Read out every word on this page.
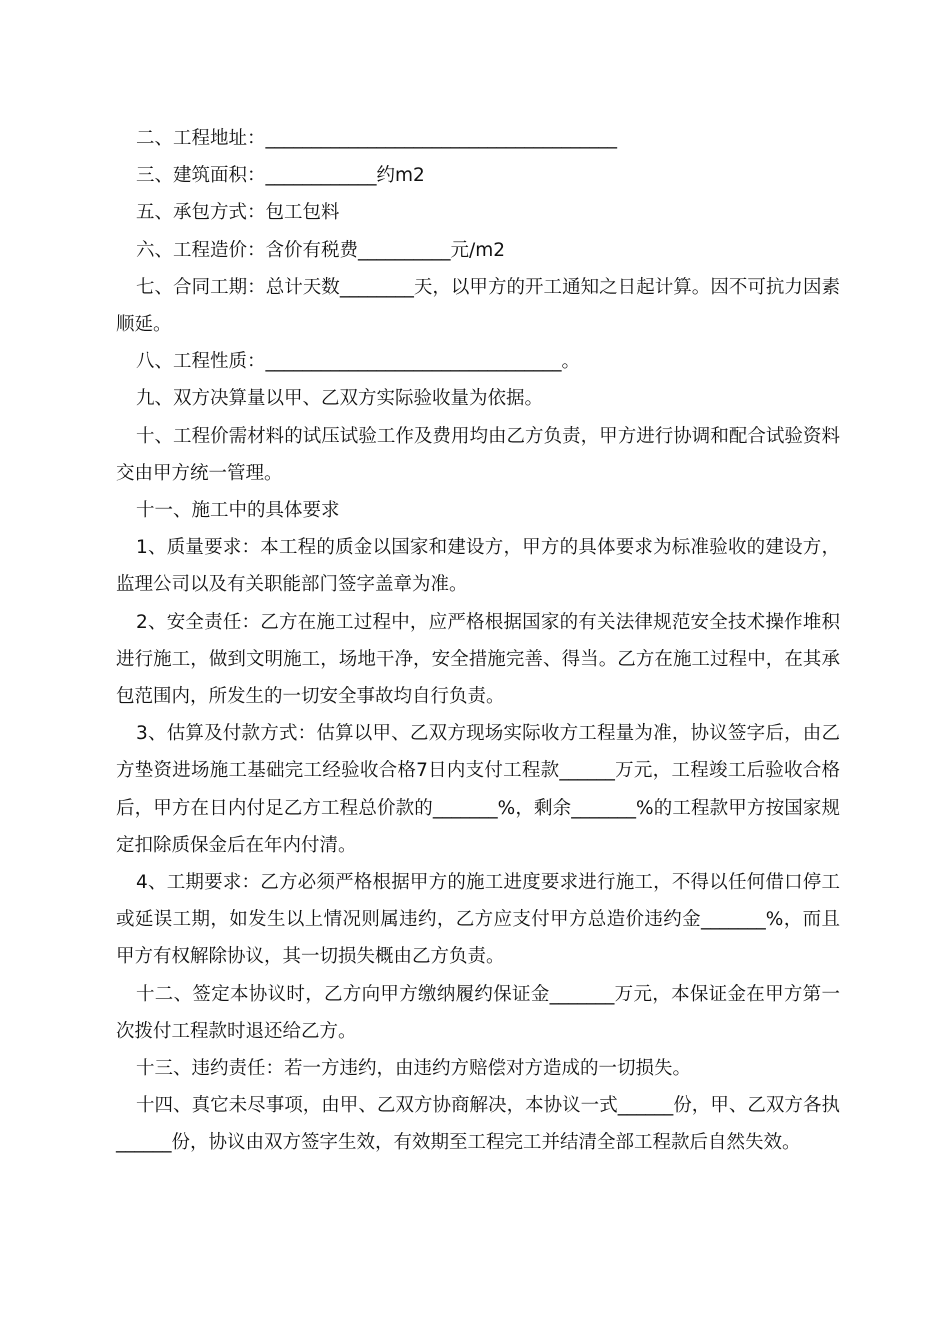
二、工程地址：______________________________________

三、建筑面积：____________约m2

五、承包方式：包工包料

六、工程造价：含价有税费__________元/m2

七、合同工期：总计天数________天，以甲方的开工通知之日起计算。因不可抗力因素顺延。

八、工程性质：________________________________。

九、双方决算量以甲、乙双方实际验收量为依据。

十、工程价需材料的试压试验工作及费用均由乙方负责，甲方进行协调和配合试验资料交由甲方统一管理。

十一、施工中的具体要求

1、质量要求：本工程的质金以国家和建设方，甲方的具体要求为标准验收的建设方，监理公司以及有关职能部门签字盖章为准。

2、安全责任：乙方在施工过程中，应严格根据国家的有关法律规范安全技术操作堆积进行施工，做到文明施工，场地干净，安全措施完善、得当。乙方在施工过程中，在其承包范围内，所发生的一切安全事故均自行负责。

3、估算及付款方式：估算以甲、乙双方现场实际收方工程量为准，协议签字后，由乙方垫资进场施工基础完工经验收合格7日内支付工程款______万元，工程竣工后验收合格后，甲方在日内付足乙方工程总价款的_______%，剩余_______%的工程款甲方按国家规定扣除质保金后在年内付清。

4、工期要求：乙方必须严格根据甲方的施工进度要求进行施工，不得以任何借口停工或延误工期，如发生以上情况则属违约，乙方应支付甲方总造价违约金_______%，而且甲方有权解除协议，其一切损失概由乙方负责。

十二、签定本协议时，乙方向甲方缴纳履约保证金_______万元，本保证金在甲方第一次拨付工程款时退还给乙方。

十三、违约责任：若一方违约，由违约方赔偿对方造成的一切损失。

十四、真它未尽事项，由甲、乙双方协商解决，本协议一式______份，甲、乙双方各执______份，协议由双方签字生效，有效期至工程完工并结清全部工程款后自然失效。
